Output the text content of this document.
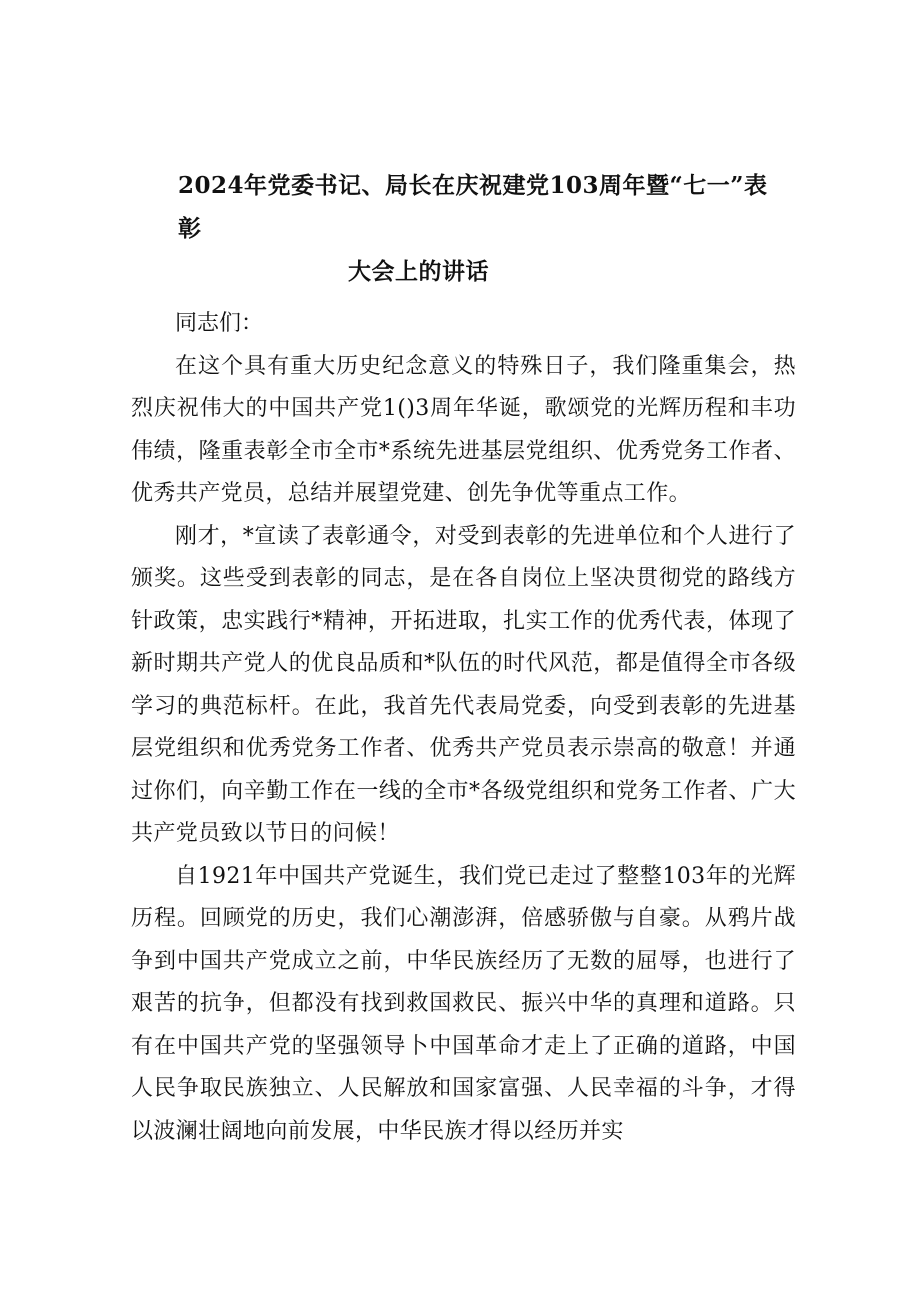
2024年党委书记、局长在庆祝建党103周年暨“七一”表彰
大会上的讲话

同志们：

在这个具有重大历史纪念意义的特殊日子，我们隆重集会，热烈庆祝伟大的中国共产党1()3周年华诞，歌颂党的光辉历程和丰功伟绩，隆重表彰全市全市*系统先进基层党组织、优秀党务工作者、优秀共产党员，总结并展望党建、创先争优等重点工作。

刚才，*宣读了表彰通令，对受到表彰的先进单位和个人进行了颁奖。这些受到表彰的同志，是在各自岗位上坚决贯彻党的路线方针政策，忠实践行*精神，开拓进取，扎实工作的优秀代表，体现了新时期共产党人的优良品质和*队伍的时代风范，都是值得全市各级学习的典范标杆。在此，我首先代表局党委，向受到表彰的先进基层党组织和优秀党务工作者、优秀共产党员表示崇高的敬意！并通过你们，向辛勤工作在一线的全市*各级党组织和党务工作者、广大共产党员致以节日的问候！

自1921年中国共产党诞生，我们党已走过了整整103年的光辉历程。回顾党的历史，我们心潮澎湃，倍感骄傲与自豪。从鸦片战争到中国共产党成立之前，中华民族经历了无数的屈辱，也进行了艰苦的抗争，但都没有找到救国救民、振兴中华的真理和道路。只有在中国共产党的坚强领导卜中国革命才走上了正确的道路，中国人民争取民族独立、人民解放和国家富强、人民幸福的斗争，才得以波澜壮阔地向前发展，中华民族才得以经历并实
